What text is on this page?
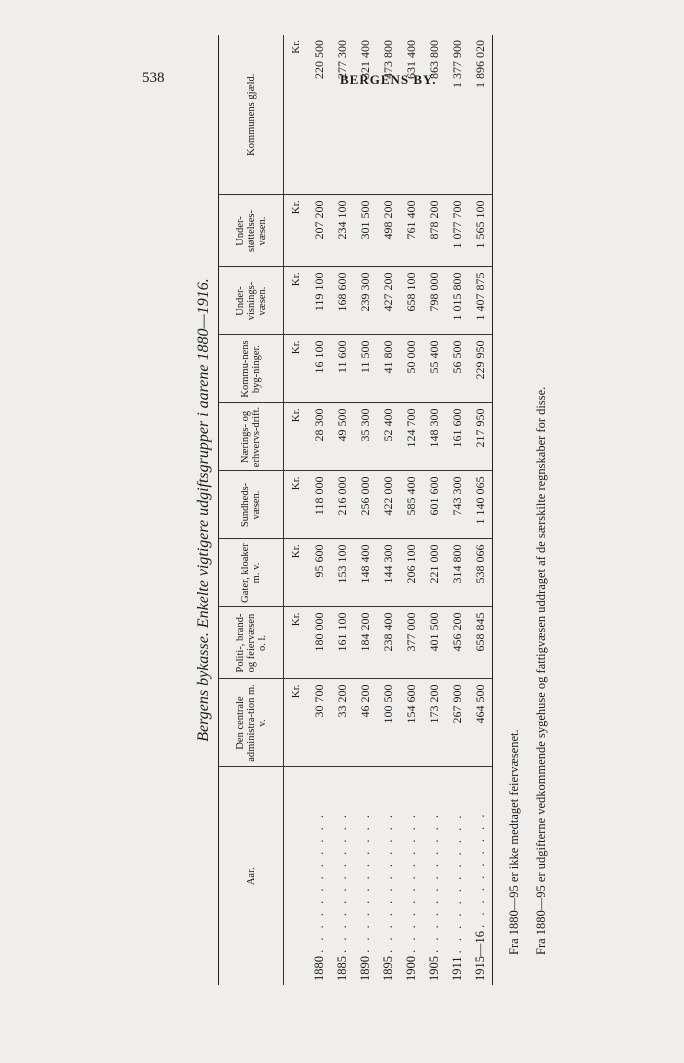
538	BERGENS BY.
Bergens bykasse. Enkelte vigtigere udgiftsgrupper i aarene 1880—1916.
Aar.	Den centrale administra-tion m. v.	Politi-, brand- og feiervæsen o. l.	Gater, kloaker m. v.	Sundheds-væsen.	Nærings- og erhvervs-drift.	Kommu-nens byg-ninger.	Under-visnings-væsen.	Under-støttelses-væsen.	Kommunens gjæld.
	Kr.	Kr.	Kr.	Kr.	Kr.	Kr.	Kr.	Kr.	Kr.
1880 . . . . . . . . . . . .	30 700	180 000	95 600	118 000	28 300	16 100	119 100	207 200	220 500
1885 . . . . . . . . . . . .	33 200	161 100	153 100	216 000	49 500	11 600	168 600	234 100	277 300
1890 . . . . . . . . . . . .	46 200	184 200	148 400	256 000	35 300	11 500	239 300	301 500	321 400
1895 . . . . . . . . . . . .	100 500	238 400	144 300	422 000	52 400	41 800	427 200	498 200	473 800
1900 . . . . . . . . . . . .	154 600	377 000	206 100	585 400	124 700	50 000	658 100	761 400	631 400
1905 . . . . . . . . . . . .	173 200	401 500	221 000	601 600	148 300	55 400	798 000	878 200	863 800
1911 . . . . . . . . . . . .	267 900	456 200	314 800	743 300	161 600	56 500	1 015 800	1 077 700	1 377 900
1915—16 . . . . . . . . . .	464 500	658 845	538 066	1 140 065	217 950	229 950	1 407 875	1 565 100	1 896 020
Fra 1880—95 er ikke medtaget feiervæsenet.	Fra 1880—95 er udgifterne vedkommende sygehuse og fattigvæsen uddraget af de særskilte regnskaber for disse.
